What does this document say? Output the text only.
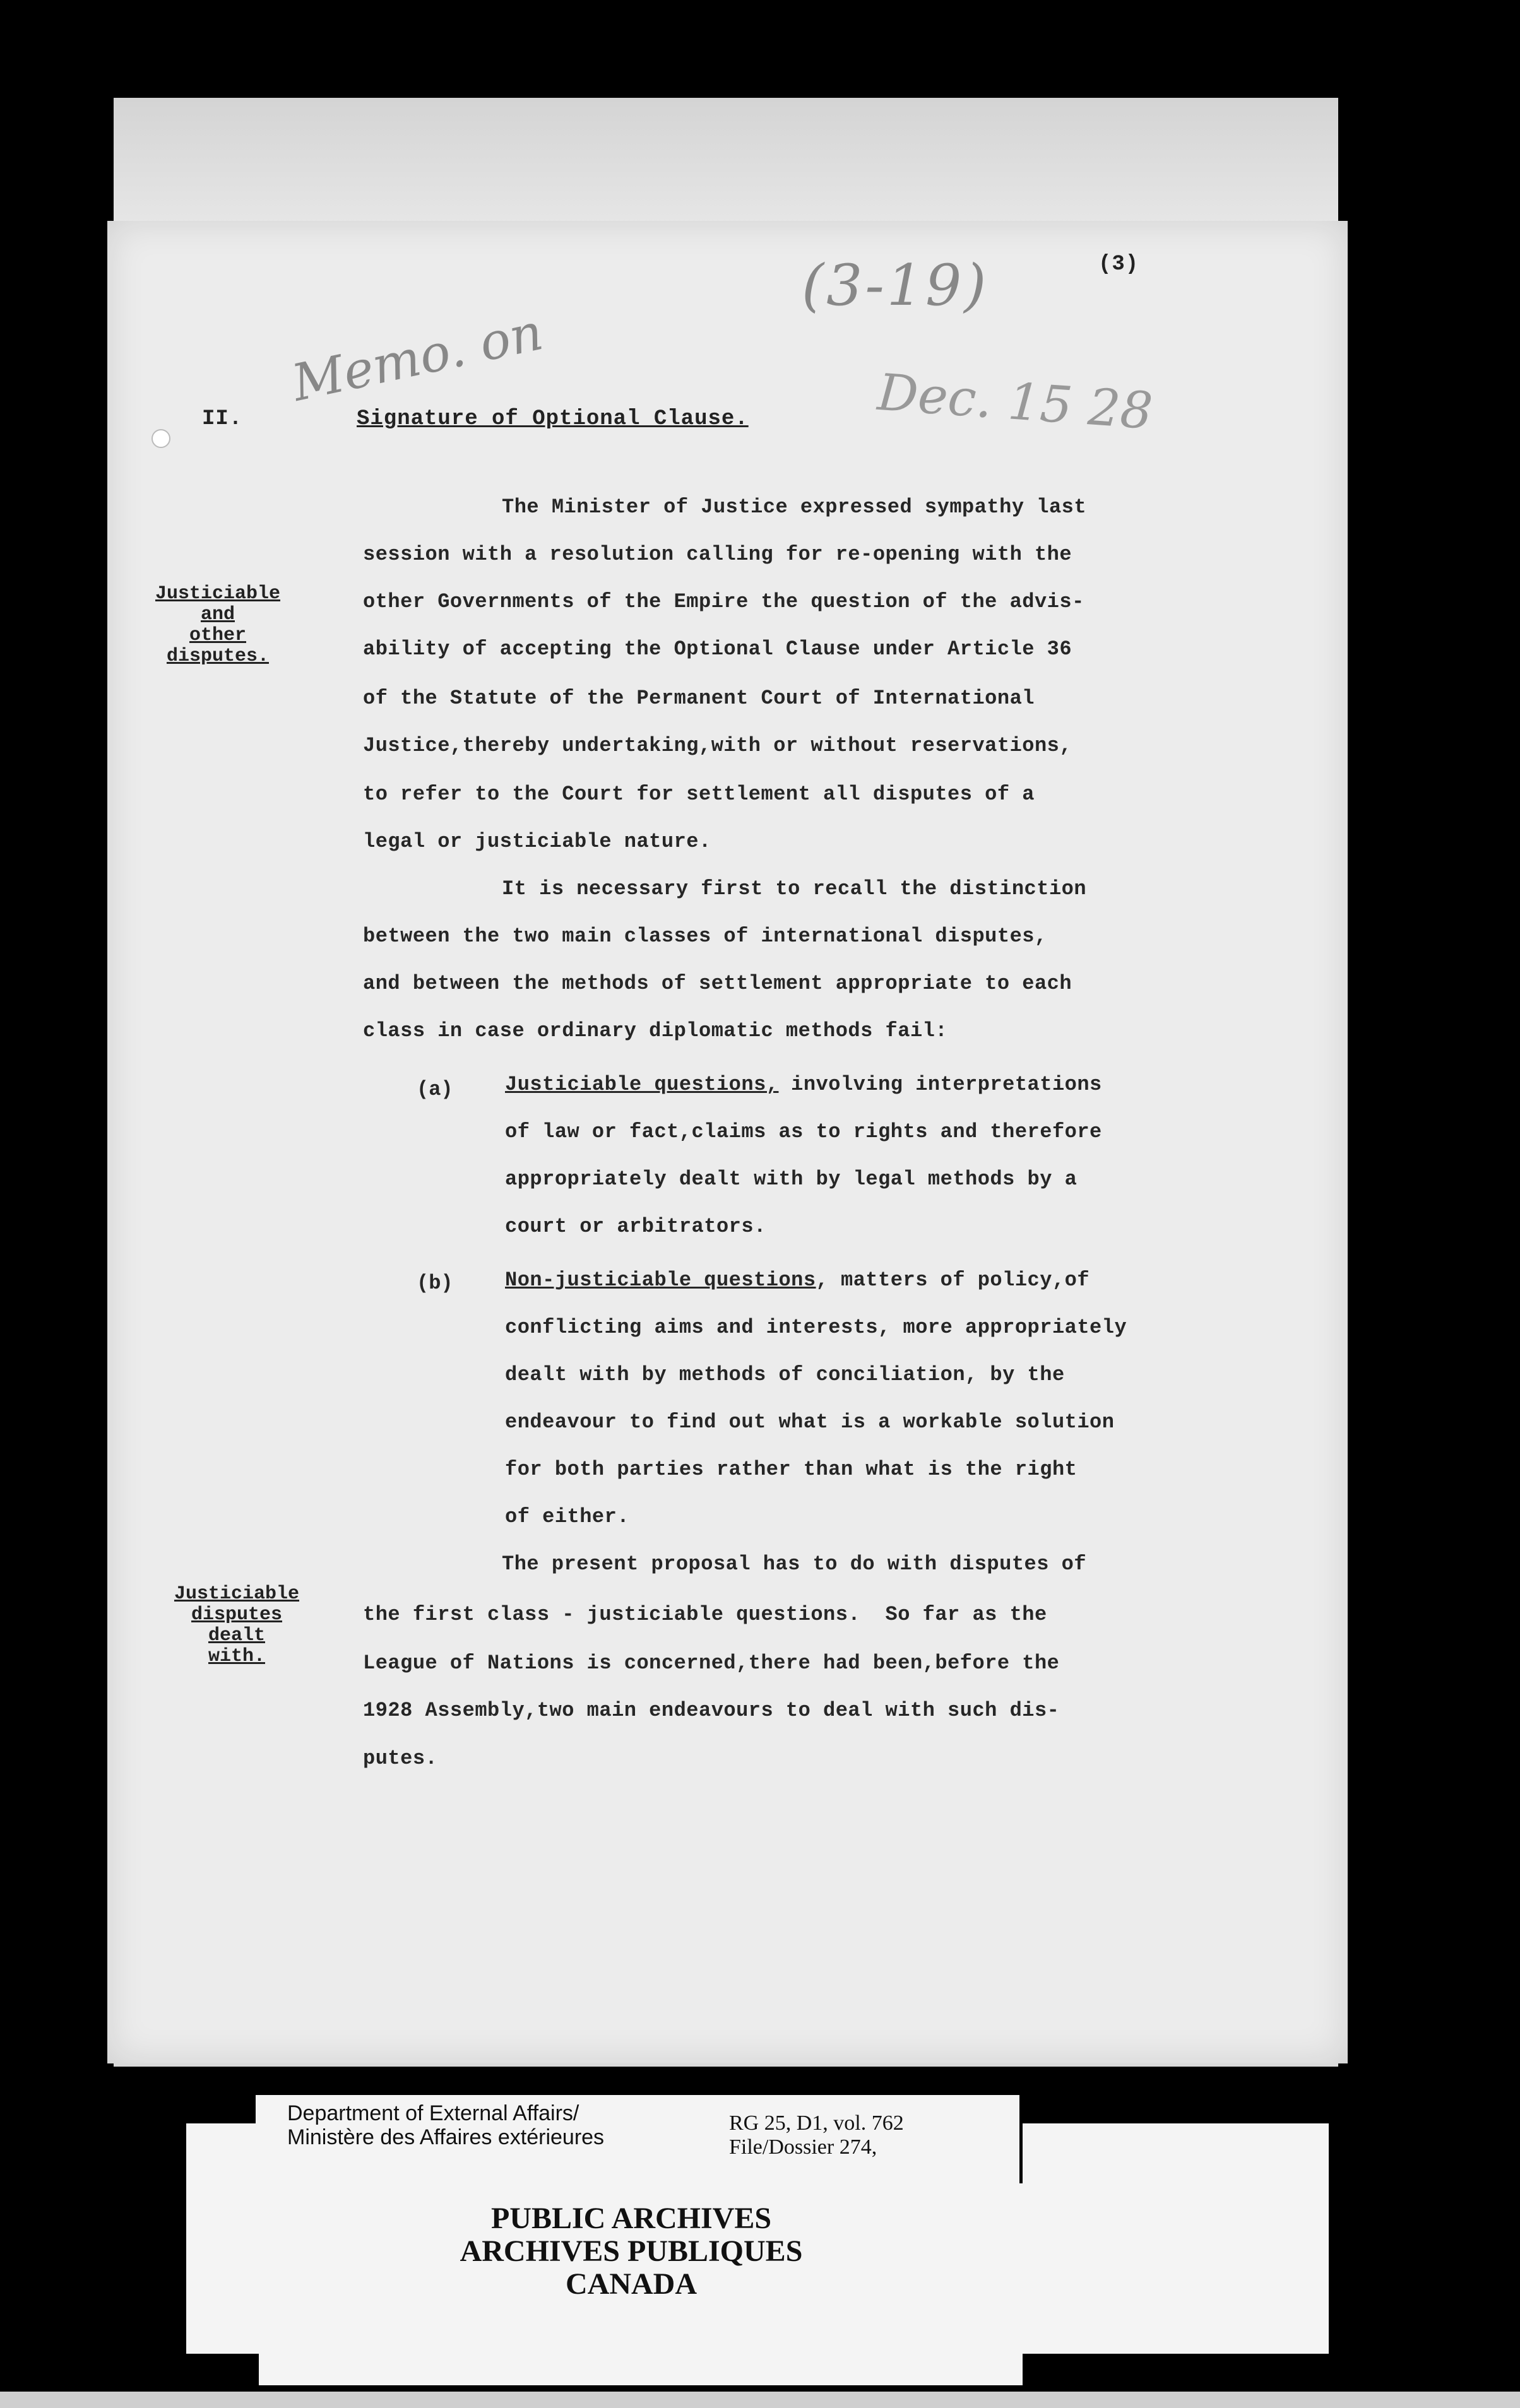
(3-19)	(3)
Memo. on	Dec. 15 28
II.	Signature of Optional Clause.
Justiciable
and
other
disputes.
Justiciable
disputes
dealt
with.
The Minister of Justice expressed sympathy last
session with a resolution calling for re-opening with the
other Governments of the Empire the question of the advis-
ability of accepting the Optional Clause under Article 36
of the Statute of the Permanent Court of International
Justice,thereby undertaking,with or without reservations,
to refer to the Court for settlement all disputes of a
legal or justiciable nature.
It is necessary first to recall the distinction
between the two main classes of international disputes,
and between the methods of settlement appropriate to each
class in case ordinary diplomatic methods fail:
(a)	Justiciable questions, involving interpretations
of law or fact,claims as to rights and therefore
appropriately dealt with by legal methods by a
court or arbitrators.
(b)	Non-justiciable questions, matters of policy,of
conflicting aims and interests, more appropriately
dealt with by methods of conciliation, by the
endeavour to find out what is a workable solution
for both parties rather than what is the right
of either.
The present proposal has to do with disputes of
the first class - justiciable questions.  So far as the
League of Nations is concerned,there had been,before the
1928 Assembly,two main endeavours to deal with such dis-
putes.
Department of External Affairs/
Ministère des Affaires extérieures
RG 25, D1, vol. 762
File/Dossier 274,
PUBLIC ARCHIVES
ARCHIVES PUBLIQUES
CANADA
